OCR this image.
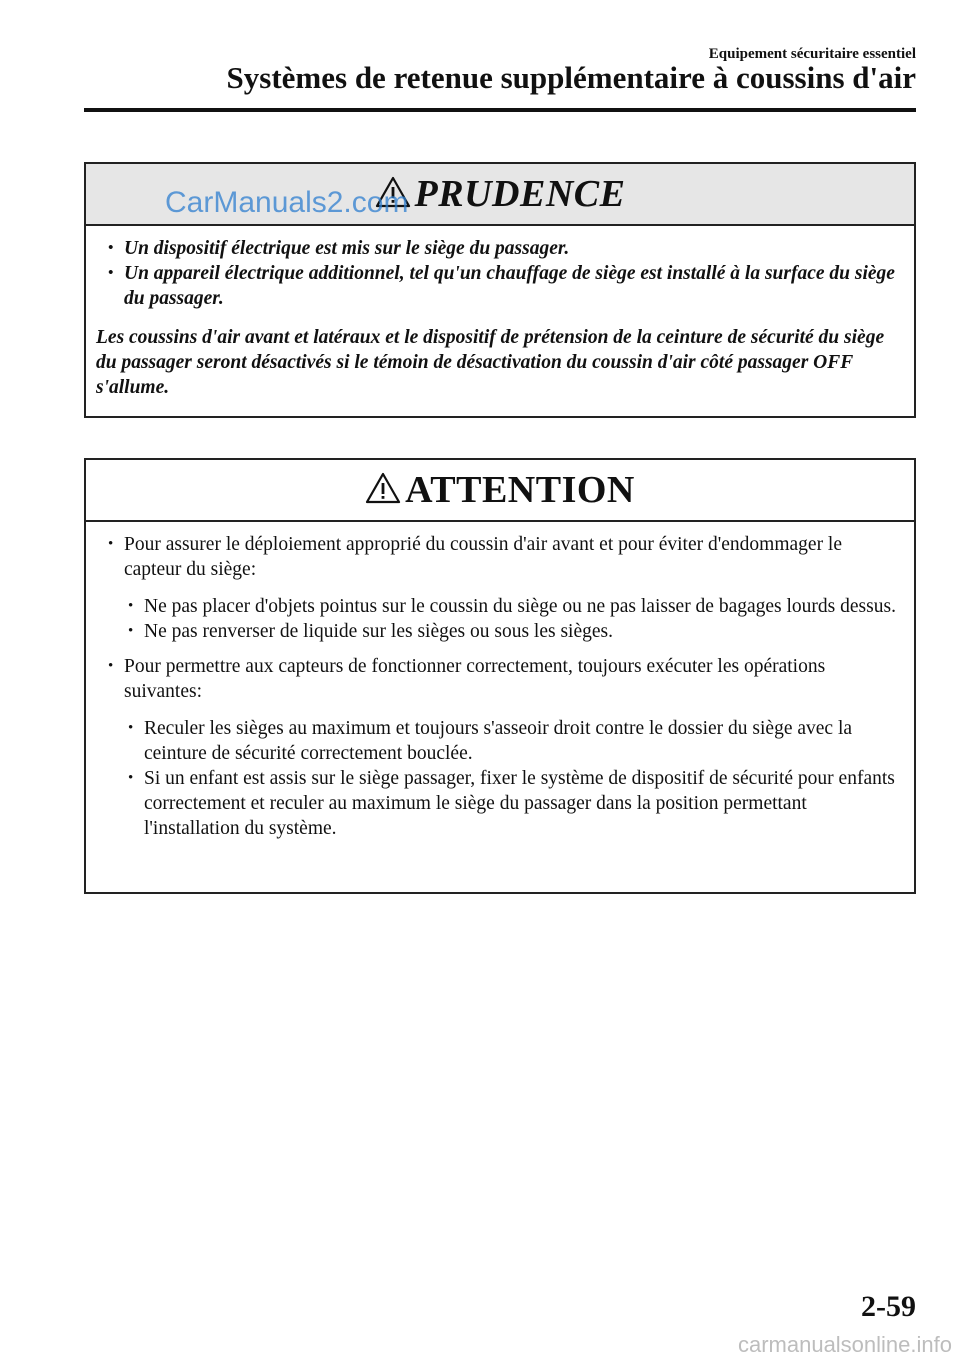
Equipement sécuritaire essentiel
Systèmes de retenue supplémentaire à coussins d'air
PRUDENCE
• Un dispositif électrique est mis sur le siège du passager.
• Un appareil électrique additionnel, tel qu'un chauffage de siège est installé à la surface du siège du passager.
Les coussins d'air avant et latéraux et le dispositif de prétension de la ceinture de sécurité du siège du passager seront désactivés si le témoin de désactivation du coussin d'air côté passager OFF s'allume.
ATTENTION
• Pour assurer le déploiement approprié du coussin d'air avant et pour éviter d'endommager le capteur du siège:
• Ne pas placer d'objets pointus sur le coussin du siège ou ne pas laisser de bagages lourds dessus.
• Ne pas renverser de liquide sur les sièges ou sous les sièges.
• Pour permettre aux capteurs de fonctionner correctement, toujours exécuter les opérations suivantes:
• Reculer les sièges au maximum et toujours s'asseoir droit contre le dossier du siège avec la ceinture de sécurité correctement bouclée.
• Si un enfant est assis sur le siège passager, fixer le système de dispositif de sécurité pour enfants correctement et reculer au maximum le siège du passager dans la position permettant l'installation du système.
CarManuals2.com
2-59
carmanualsonline.info
